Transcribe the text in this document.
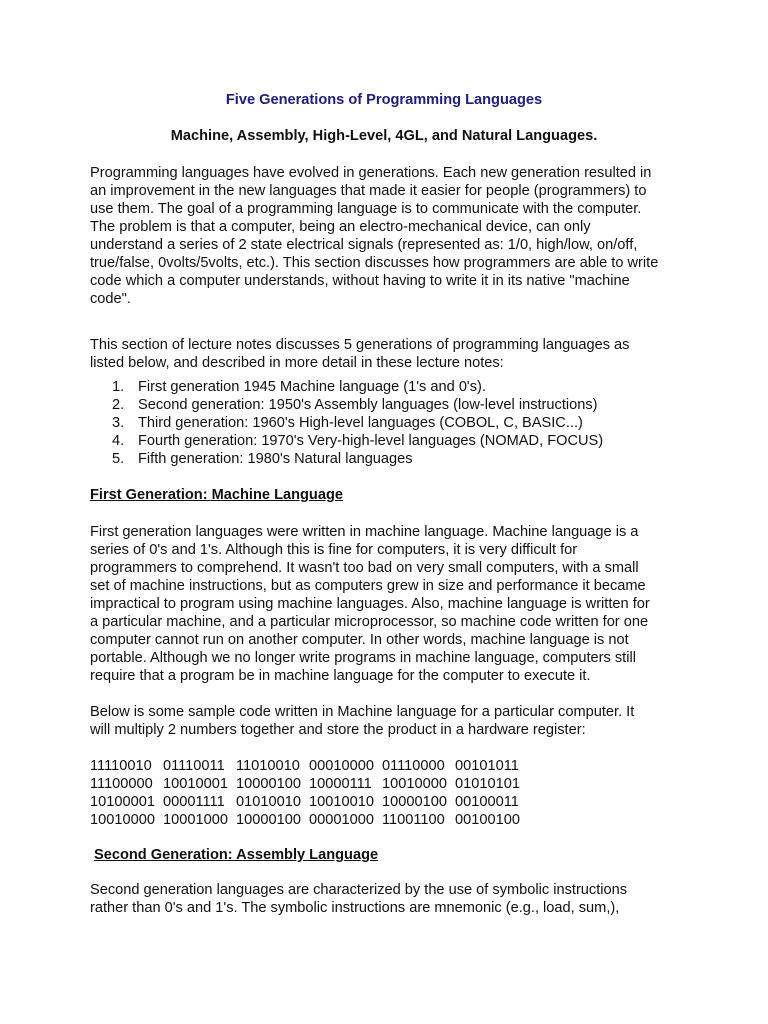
Five Generations of Programming Languages
Machine, Assembly, High-Level, 4GL, and Natural Languages.
Programming languages have evolved in generations. Each new generation resulted in
an improvement in the new languages that made it easier for people (programmers) to
use them. The goal of a programming language is to communicate with the computer.
The problem is that a computer, being an electro-mechanical device, can only
understand a series of 2 state electrical signals (represented as: 1/0, high/low, on/off,
true/false, 0volts/5volts, etc.). This section discusses how programmers are able to write
code which a computer understands, without having to write it in its native "machine
code".
This section of lecture notes discusses 5 generations of programming languages as
listed below, and described in more detail in these lecture notes:
1. First generation 1945 Machine language (1's and 0's).
2. Second generation: 1950's Assembly languages (low-level instructions)
3. Third generation: 1960's High-level languages (COBOL, C, BASIC...)
4. Fourth generation: 1970's Very-high-level languages (NOMAD, FOCUS)
5. Fifth generation: 1980's Natural languages
First Generation: Machine Language
First generation languages were written in machine language. Machine language is a
series of 0's and 1's. Although this is fine for computers, it is very difficult for
programmers to comprehend. It wasn't too bad on very small computers, with a small
set of machine instructions, but as computers grew in size and performance it became
impractical to program using machine languages. Also, machine language is written for
a particular machine, and a particular microprocessor, so machine code written for one
computer cannot run on another computer. In other words, machine language is not
portable. Although we no longer write programs in machine language, computers still
require that a program be in machine language for the computer to execute it.
Below is some sample code written in Machine language for a particular computer. It
will multiply 2 numbers together and store the product in a hardware register:
11110010 01110011 11010010 00010000 01110000 00101011
11100000 10010001 10000100 10000111 10010000 01010101
10100001 00001111 01010010 10010010 10000100 00100011
10010000 10001000 10000100 00001000 11001100 00100100
Second Generation: Assembly Language
Second generation languages are characterized by the use of symbolic instructions
rather than 0's and 1's. The symbolic instructions are mnemonic (e.g., load, sum,),
